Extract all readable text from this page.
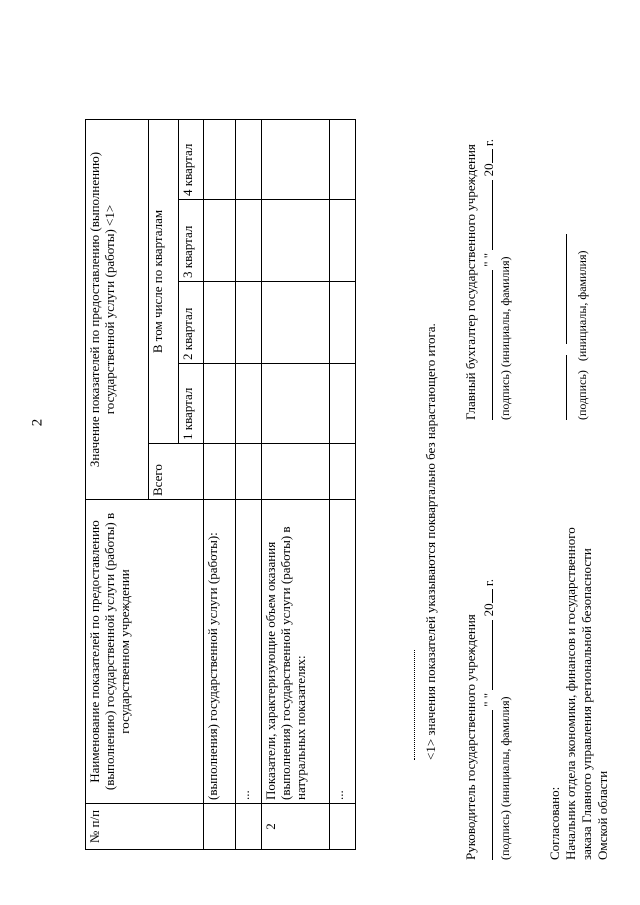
2
№ п/п	Наименование показателей по предоставлению (выполнению) государственной услуги (работы) в государственном учреждении	Значение показателей по предоставлению (выполнению) государственной услуги (работы) <1>				
		Всего	В том числе по кварталам			
			1 квартал	2 квартал	3 квартал	4 квартал
	(выполнения) государственной услуги (работы):					
	...					
2	Показатели, характеризующие объем оказания (выполнения) государственной услуги (работы) в натуральных показателях:					
	...					
<1> значения показателей указываются поквартально без нарастающего итога. Руководитель государственного учреждения " "  20 г.
(подпись) (инициалы, фамилия)
Главный бухгалтер государственного учреждения " "  20 г.
(подпись) (инициалы, фамилия)
Согласовано: Начальник отдела экономики, финансов и государственного заказа Главного управления региональной безопасности Омской области

(подпись) (инициалы, фамилия)
